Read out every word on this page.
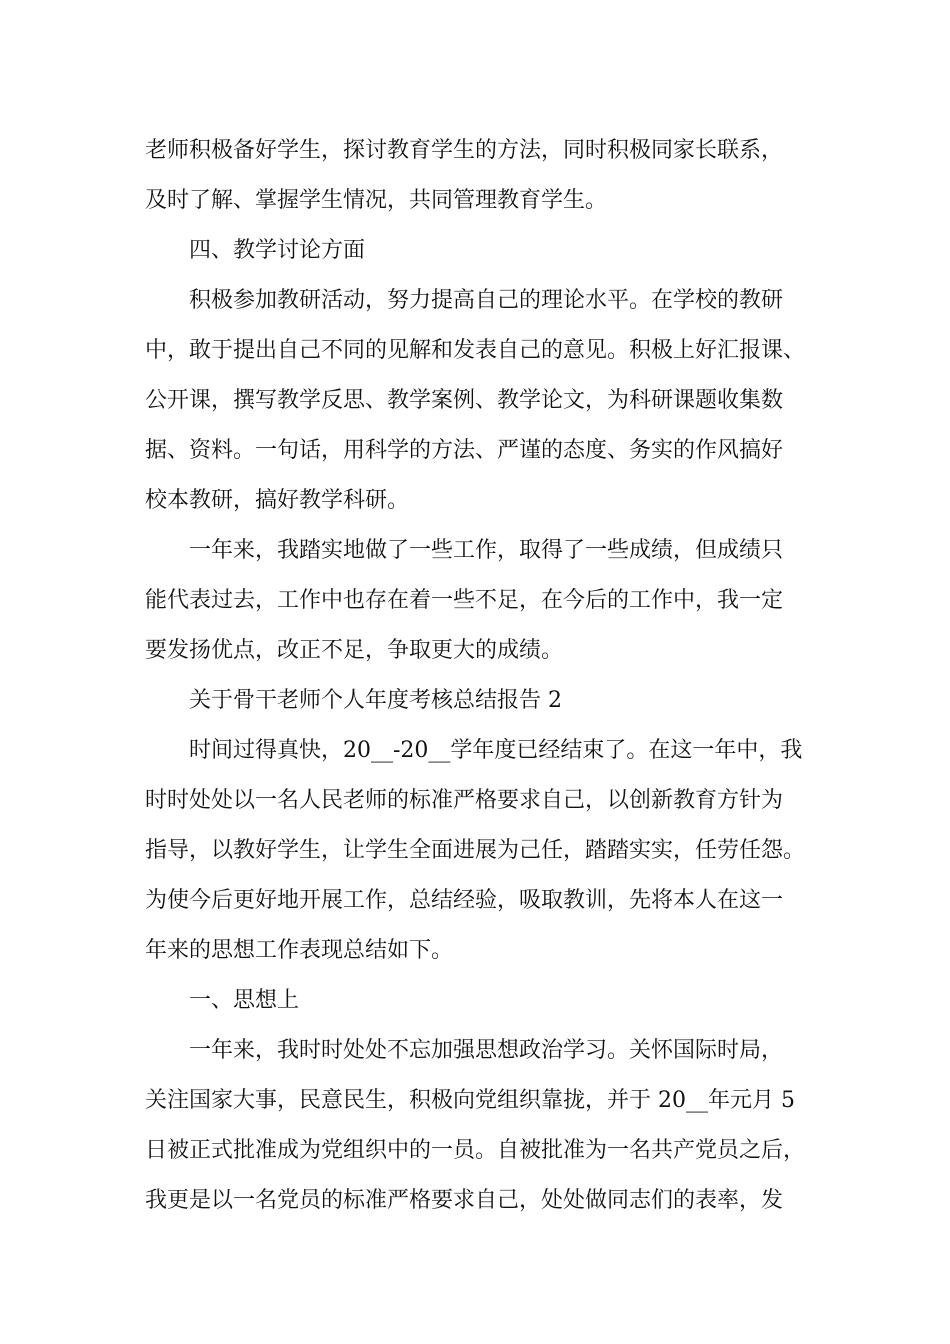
老师积极备好学生，探讨教育学生的方法，同时积极同家长联系，
及时了解、掌握学生情况，共同管理教育学生。
四、教学讨论方面
积极参加教研活动，努力提高自己的理论水平。在学校的教研
中，敢于提出自己不同的见解和发表自己的意见。积极上好汇报课、
公开课，撰写教学反思、教学案例、教学论文，为科研课题收集数
据、资料。一句话，用科学的方法、严谨的态度、务实的作风搞好
校本教研，搞好教学科研。
一年来，我踏实地做了一些工作，取得了一些成绩，但成绩只
能代表过去，工作中也存在着一些不足，在今后的工作中，我一定
要发扬优点，改正不足，争取更大的成绩。
关于骨干老师个人年度考核总结报告 2
时间过得真快，20__-20__学年度已经结束了。在这一年中，我
时时处处以一名人民老师的标准严格要求自己，以创新教育方针为
指导，以教好学生，让学生全面进展为己任，踏踏实实，任劳任怨。
为使今后更好地开展工作，总结经验，吸取教训，先将本人在这一
年来的思想工作表现总结如下。
一、思想上
一年来，我时时处处不忘加强思想政治学习。关怀国际时局，
关注国家大事，民意民生，积极向党组织靠拢，并于 20__年元月 5
日被正式批准成为党组织中的一员。自被批准为一名共产党员之后，
我更是以一名党员的标准严格要求自己，处处做同志们的表率，发
